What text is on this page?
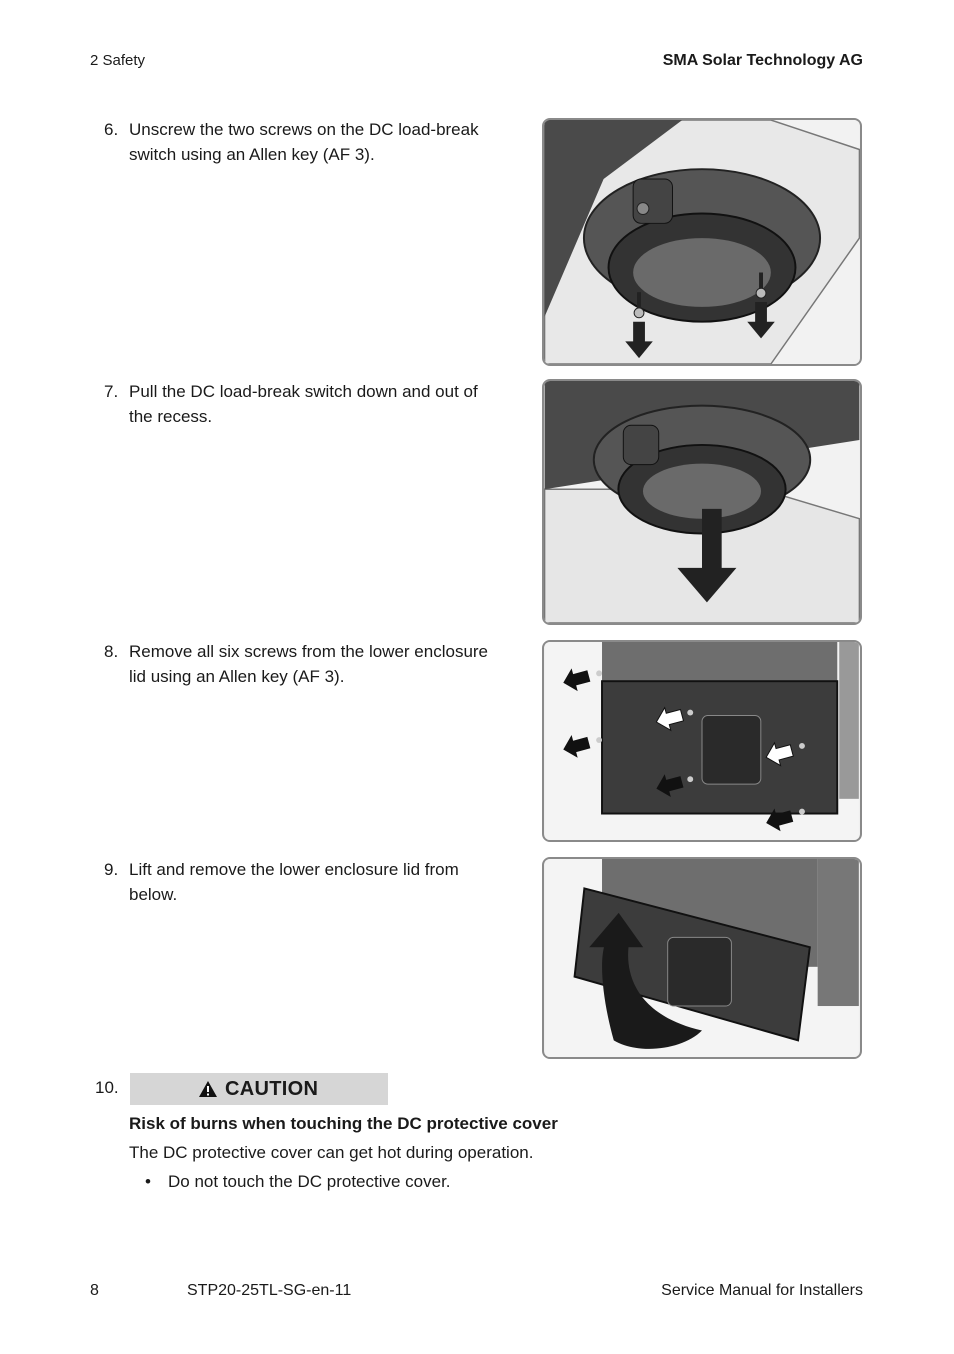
2 Safety	SMA Solar Technology AG
6. Unscrew the two screws on the DC load-break switch using an Allen key (AF 3).
7. Pull the DC load-break switch down and out of the recess.
8. Remove all six screws from the lower enclosure lid using an Allen key (AF 3).
9. Lift and remove the lower enclosure lid from below.
10.	CAUTION
Risk of burns when touching the DC protective cover
The DC protective cover can get hot during operation.
• Do not touch the DC protective cover.
8	STP20-25TL-SG-en-11	Service Manual for Installers
